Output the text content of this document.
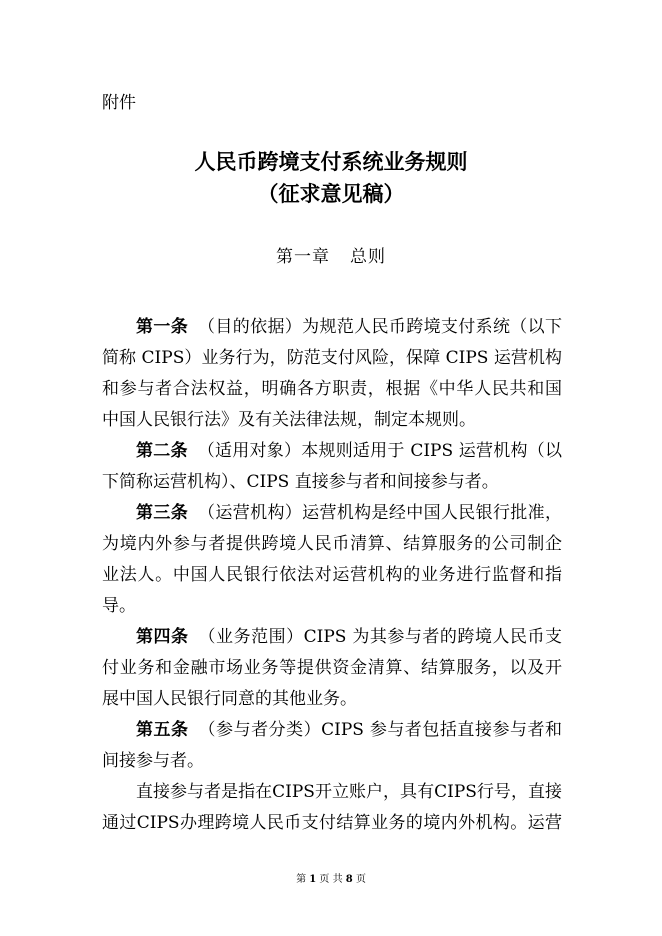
附件
人民币跨境支付系统业务规则
（征求意见稿）
第一章 总则
第一条 （目的依据）为规范人民币跨境支付系统（以下
简称 CIPS）业务行为，防范支付风险，保障 CIPS 运营机构
和参与者合法权益，明确各方职责，根据《中华人民共和国
中国人民银行法》及有关法律法规，制定本规则。
第二条 （适用对象）本规则适用于 CIPS 运营机构（以
下简称运营机构）、CIPS 直接参与者和间接参与者。
第三条 （运营机构）运营机构是经中国人民银行批准，
为境内外参与者提供跨境人民币清算、结算服务的公司制企
业法人。中国人民银行依法对运营机构的业务进行监督和指
导。
第四条 （业务范围）CIPS 为其参与者的跨境人民币支
付业务和金融市场业务等提供资金清算、结算服务，以及开
展中国人民银行同意的其他业务。
第五条 （参与者分类）CIPS 参与者包括直接参与者和
间接参与者。
直接参与者是指在CIPS开立账户，具有CIPS行号，直接
通过CIPS办理跨境人民币支付结算业务的境内外机构。运营
第 1 页 共 8 页
